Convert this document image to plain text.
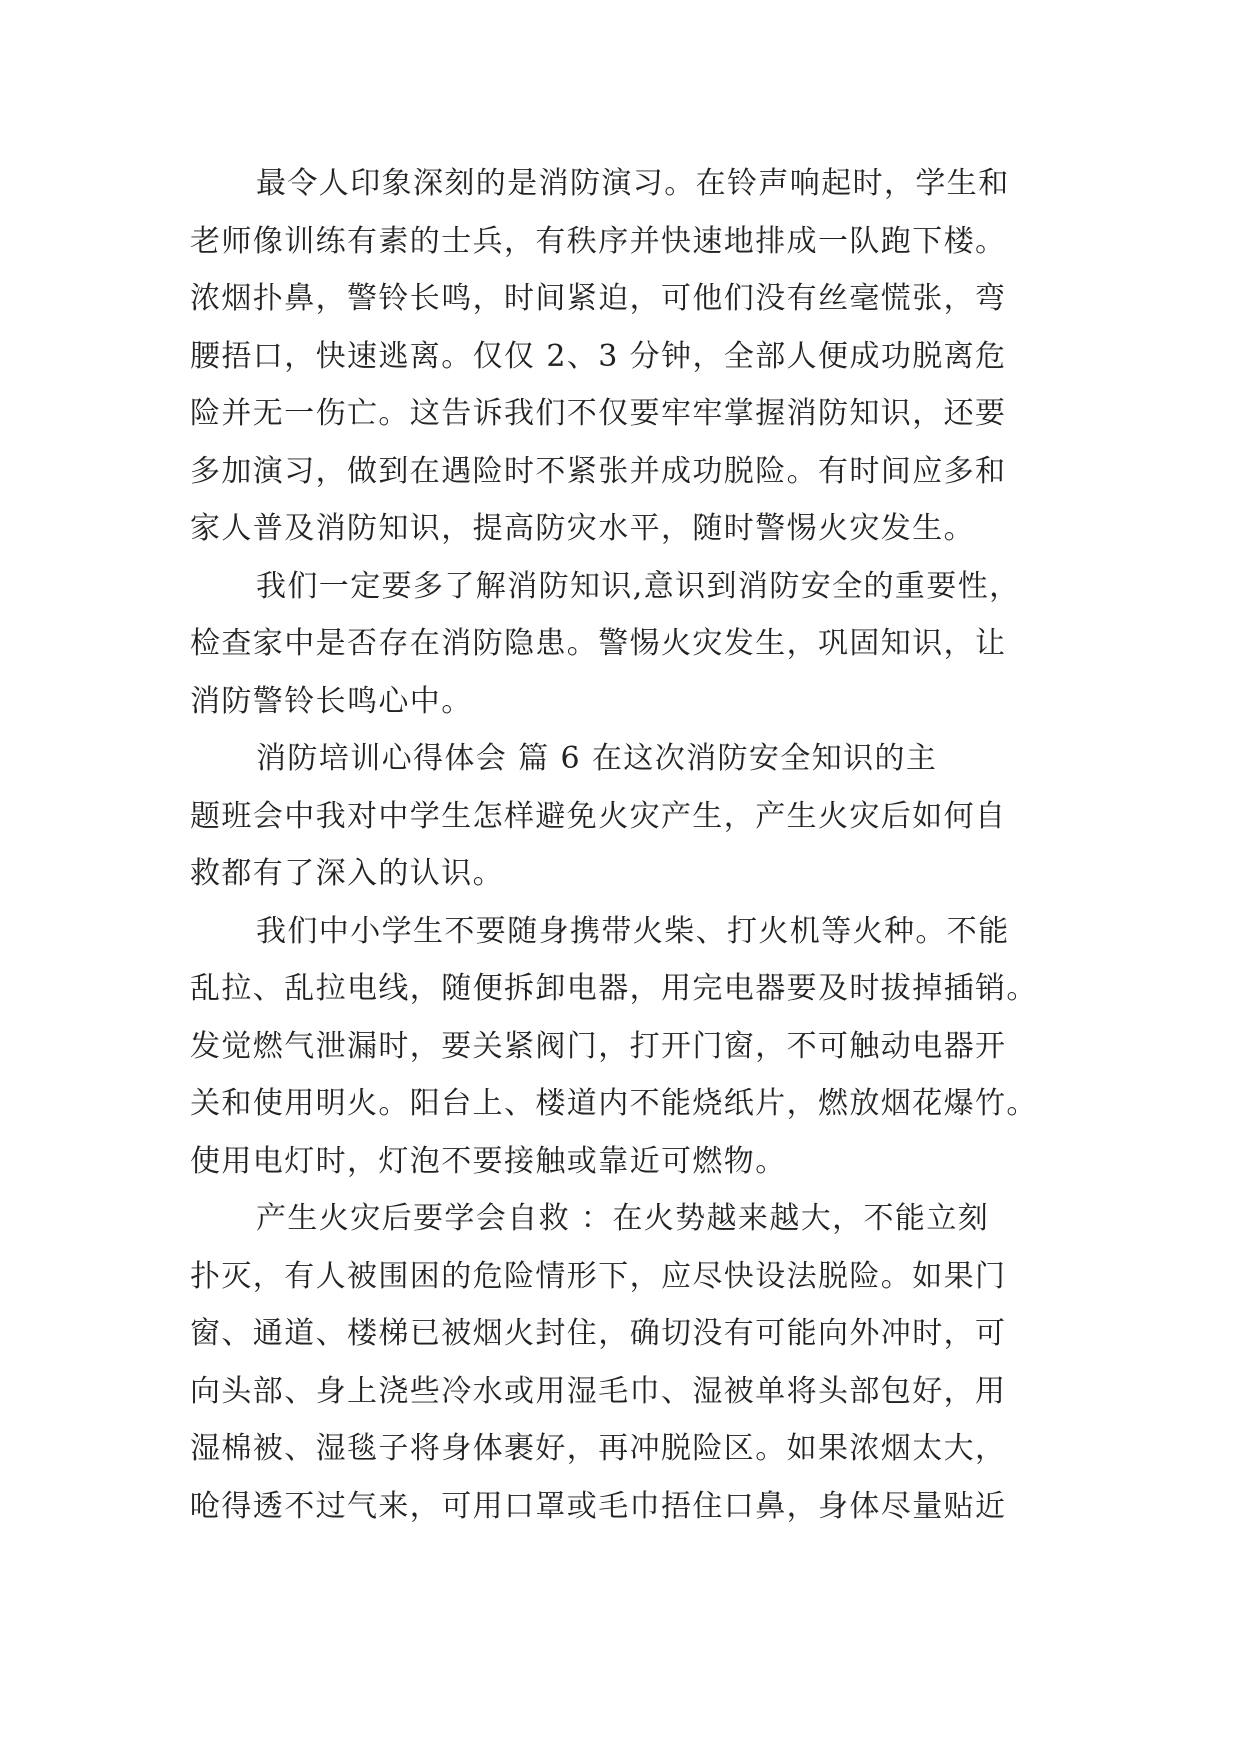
最令人印象深刻的是消防演习。在铃声响起时，学生和
老师像训练有素的士兵，有秩序并快速地排成一队跑下楼。
浓烟扑鼻，警铃长鸣，时间紧迫，可他们没有丝毫慌张，弯
腰捂口，快速逃离。仅仅 2、3 分钟，全部人便成功脱离危
险并无一伤亡。这告诉我们不仅要牢牢掌握消防知识，还要
多加演习，做到在遇险时不紧张并成功脱险。有时间应多和
家人普及消防知识，提高防灾水平，随时警惕火灾发生。
我们一定要多了解消防知识,意识到消防安全的重要性，
检查家中是否存在消防隐患。警惕火灾发生，巩固知识，让
消防警铃长鸣心中。
消防培训心得体会 篇 6 在这次消防安全知识的主
题班会中我对中学生怎样避免火灾产生，产生火灾后如何自
救都有了深入的认识。
我们中小学生不要随身携带火柴、打火机等火种。不能
乱拉、乱拉电线，随便拆卸电器，用完电器要及时拔掉插销。
发觉燃气泄漏时，要关紧阀门，打开门窗，不可触动电器开
关和使用明火。阳台上、楼道内不能烧纸片，燃放烟花爆竹。
使用电灯时，灯泡不要接触或靠近可燃物。
产生火灾后要学会自救 ：在火势越来越大，不能立刻
扑灭，有人被围困的危险情形下，应尽快设法脱险。如果门
窗、通道、楼梯已被烟火封住，确切没有可能向外冲时，可
向头部、身上浇些冷水或用湿毛巾、湿被单将头部包好，用
湿棉被、湿毯子将身体裹好，再冲脱险区。如果浓烟太大，
呛得透不过气来，可用口罩或毛巾捂住口鼻，身体尽量贴近
